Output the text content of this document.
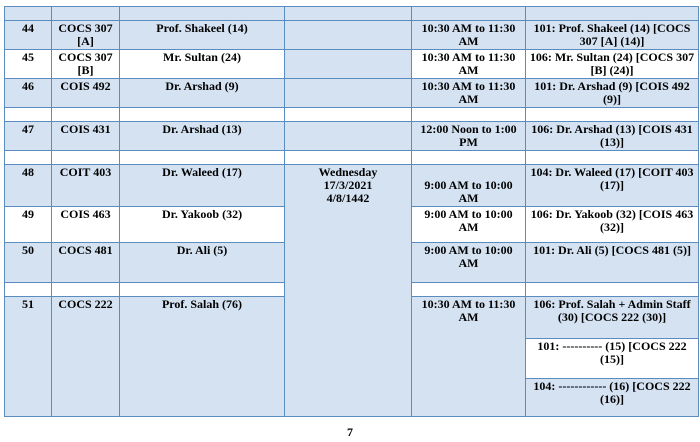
44	COCS 307 [A]	Prof. Shakeel (14)		10:30 AM to 11:30 AM	101: Prof. Shakeel (14) [COCS 307 [A] (14)]
45	COCS 307 [B]	Mr. Sultan (24)		10:30 AM to 11:30 AM	106: Mr. Sultan (24) [COCS 307 [B] (24)]
46	COIS 492	Dr. Arshad (9)		10:30 AM to 11:30 AM	101: Dr. Arshad (9) [COIS 492 (9)]

47	COIS 431	Dr. Arshad (13)		12:00 Noon to 1:00 PM	106: Dr. Arshad (13) [COIS 431 (13)]

48	COIT 403	Dr. Waleed (17)	Wednesday
17/3/2021
4/8/1442	9:00 AM to 10:00 AM	104: Dr. Waleed (17) [COIT 403 (17)]
49	COIS 463	Dr. Yakoob (32)		9:00 AM to 10:00 AM	106: Dr. Yakoob (32) [COIS 463 (32)]
50	COCS 481	Dr. Ali (5)		9:00 AM to 10:00 AM	101: Dr. Ali (5) [COCS 481 (5)]

51	COCS 222	Prof. Salah (76)		10:30 AM to 11:30 AM	106: Prof. Salah + Admin Staff (30) [COCS 222 (30)]
					101: ---------- (15) [COCS 222 (15)]
					104: ------------ (16) [COCS 222 (16)]
7
